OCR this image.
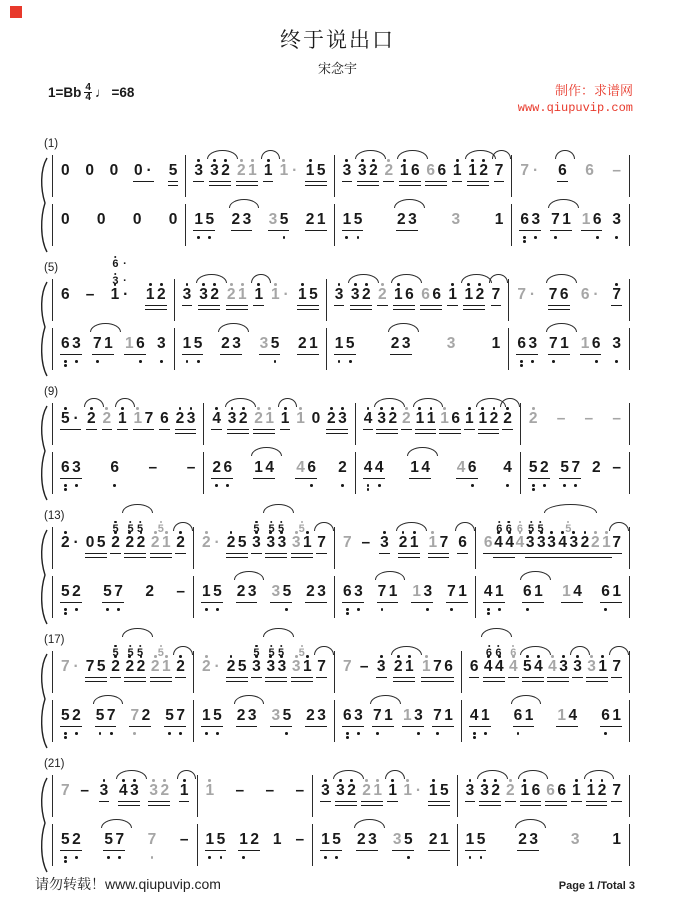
终于说出口
宋念宇
$1=Bb \frac{4}{4}$ ♩ =68	制作：求谱网
www.qiupuvip.com
(1)
0 0 0 0 · 5 3 3 2 2 1 1 1 · 1 5 3 3 2 2 1 6 6 6 1 1 2 7 7 · 6 6 –
0 0 0 0 1 5 2 3 3 5 2 1 1 5 2 3 3 1 6 3 7 1 1 6 3
(5)
6 –
6 ·
3 ·
1 · 1 2 3 3 2 2 1 1 1 · 1 5 3 3 2 2 1 6 6 6 1 1 2 7 7 · 7 6 6 · 7
6 3 7 1 1 6 3 1 5 2 3 3 5 2 1 1 5 2 3 3 1 6 3 7 1 1 6 3
(9)
5 · 2 2 1 1 7 6 2 3 4 3 2 2 1 1 1 0 2 3 4 3 2 2 1 1 1 6 1 1 2 2 2 – – –
6 3 6 – – 2 6 1 4 4 6 2 4 4 1 4 4 6 4 5 2 5 7 2 –
(13)
2 · 0 5
5
2
5 5
2 2
5
2 1 2 2 · 2 5
5
3
5 5
3 3
5
3 1 7 7 – 3 2 1 1 7 6 6
6 6
4 4
6
4
5 5
3 3
5
3 4 3 2 2 1 7
5 2 5 7 2 – 1 5 2 3 3 5 2 3 6 3 7 1 1 3 7 1 4 1 6 1 1 4 6 1
(17)
7 · 7 5
5
2
5 5
2 2
5
2 1 2 2 · 2 5
5
3
5 5
3 3
5
3 1 7 7 – 3 2 1 1 7 6 6
6 6
4 4
6
4 5 4 4 3 3 3 1 7
5 2 5 7 7 2 5 7 1 5 2 3 3 5 2 3 6 3 7 1 1 3 7 1 4 1 6 1 1 4 6 1
(21)
7 – 3 4 3 3 2 1 1 – – – 3 3 2 2 1 1 1 · 1 5 3 3 2 2 1 6 6 6 1 1 2 7
5 2 5 7 7 – 1 5 1 2 1 – 1 5 2 3 3 5 2 1 1 5 2 3 3 1
请勿转载！www.qiupuvip.com	Page 1 /Total 3
